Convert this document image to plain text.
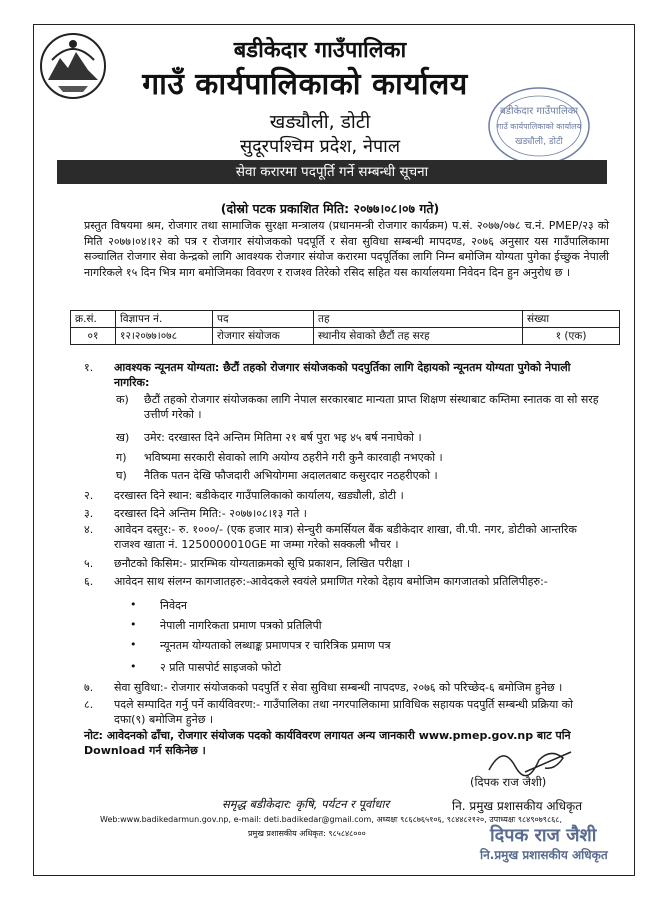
बडीकेदार गाउँपालिका
गाउँ कार्यपालिकाको कार्यालय
खड्यौली, डोटी
सुदूरपश्चिम प्रदेश, नेपाल
बडीकेदार गाउँपालिका
गाउँ कार्यपालिकाको कार्यालय
खड्यौली, डोटी
सेवा करारमा पदपूर्ति गर्ने सम्बन्धी सूचना
(दोस्रो पटक प्रकाशित मिति: २०७७।०८।०७ गते)
प्रस्तुत विषयमा श्रम, रोजगार तथा सामाजिक सुरक्षा मन्त्रालय (प्रधानमन्त्री रोजगार कार्यक्रम) प.सं. २०७७/०७८ च.नं. PMEP/२३ को मिति २०७७।०४।१२ को पत्र र रोजगार संयोजकको पदपूर्ति र सेवा सुविधा सम्बन्धी मापदण्ड, २०७६ अनुसार यस गाउँपालिकामा सञ्चालित रोजगार सेवा केन्द्रको लागि आवश्यक रोजगार संयोज करारमा पदपूर्तिका लागि निम्न बमोजिम योग्यता पुगेका ईच्छुक नेपाली नागरिकले १५ दिन भित्र माग बमोजिमका विवरण र राजश्व तिरेको रसिद सहित यस कार्यालयमा निवेदन दिन हुन अनुरोध छ ।
क्र.सं.	विज्ञापन नं.	पद	तह	संख्या
०१	१२।२०७७।०७८	रोजगार संयोजक	स्थानीय सेवाको छैटौं तह सरह	१ (एक)
१. आवश्यक न्यूनतम योग्यता: छैटौं तहको रोजगार संयोजकको पदपुर्तिका लागि देहायको न्यूनतम योग्यता पुगेको नेपाली नागरिक:
क) छैटौं तहको रोजगार संयोजकका लागि नेपाल सरकारबाट मान्यता प्राप्त शिक्षण संस्थाबाट कम्तिमा स्नातक वा सो सरह उत्तीर्ण गरेको ।
ख) उमेर: दरखास्त दिने अन्तिम मितिमा २१ बर्ष पुरा भइ ४५ बर्ष ननाघेको ।
ग) भविष्यमा सरकारी सेवाको लागि अयोग्य ठहरीने गरी कुनै कारवाही नभएको ।
घ) नैतिक पतन देखि फौजदारी अभियोगमा अदालतबाट कसुरदार नठहरीएको ।
२. दरखास्त दिने स्थान: बडीकेदार गाउँपालिकाको कार्यालय, खड्यौली, डोटी ।
३. दरखास्त दिने अन्तिम मिति:- २०७७।०८।१३ गते ।
४. आवेदन दस्तुर:- रु. १०००/- (एक हजार मात्र) सेन्चुरी कमर्सियल बैंक बडीकेदार शाखा, वी.पी. नगर, डोटीको आन्तरिक राजश्व खाता नं. 1250000010GE मा जम्मा गरेको सक्कली भौचर ।
५. छनौटको किसिम:- प्रारम्भिक योग्यताक्रमको सूचि प्रकाशन, लिखित परीक्षा ।
६. आवेदन साथ संलग्न कागजातहरु:-आवेदकले स्वयंले प्रमाणित गरेको देहाय बमोजिम कागजातको प्रतिलिपीहरु:-
• निवेदन
• नेपाली नागरिकता प्रमाण पत्रको प्रतिलिपी
• न्यूनतम योग्यताको लब्धाङ्क प्रमाणपत्र र चारित्रिक प्रमाण पत्र
• २ प्रति पासपोर्ट साइजको फोटो
७. सेवा सुविधा:- रोजगार संयोजकको पदपुर्ति र सेवा सुविधा सम्बन्धी नापदण्ड, २०७६ को परिच्छेद-६ बमोजिम हुनेछ ।
८. पदले सम्पादित गर्नु पर्ने कार्यविवरण:- गाउँपालिका तथा नगरपालिकामा प्राविधिक सहायक पदपुर्ति सम्बन्धी प्रक्रिया को दफा(९) बमोजिम हुनेछ ।
नोट: आवेदनको ढाँचा, रोजगार संयोजक पदको कार्यविवरण लगायत अन्य जानकारी www.pmep.gov.np बाट पनि Download गर्न सकिनेछ ।
(दिपक राज जैशी)
नि. प्रमुख प्रशासकीय अधिकृत
दिपक राज जैशी
नि.प्रमुख प्रशासकीय अधिकृत
समृद्ध बडीकेदार: कृषि, पर्यटन र पूर्वाधार
Web:www.badikedarmun.gov.np, e-mail: deti.badikedar@gmail.com, अध्यक्षः ९८६८७६५१०६, ९८४४८२१२०, उपाध्यक्षः ९८४९०७९८६८,
प्रमुख प्रशासकीय अधिकृत: ९८५८४८०००
